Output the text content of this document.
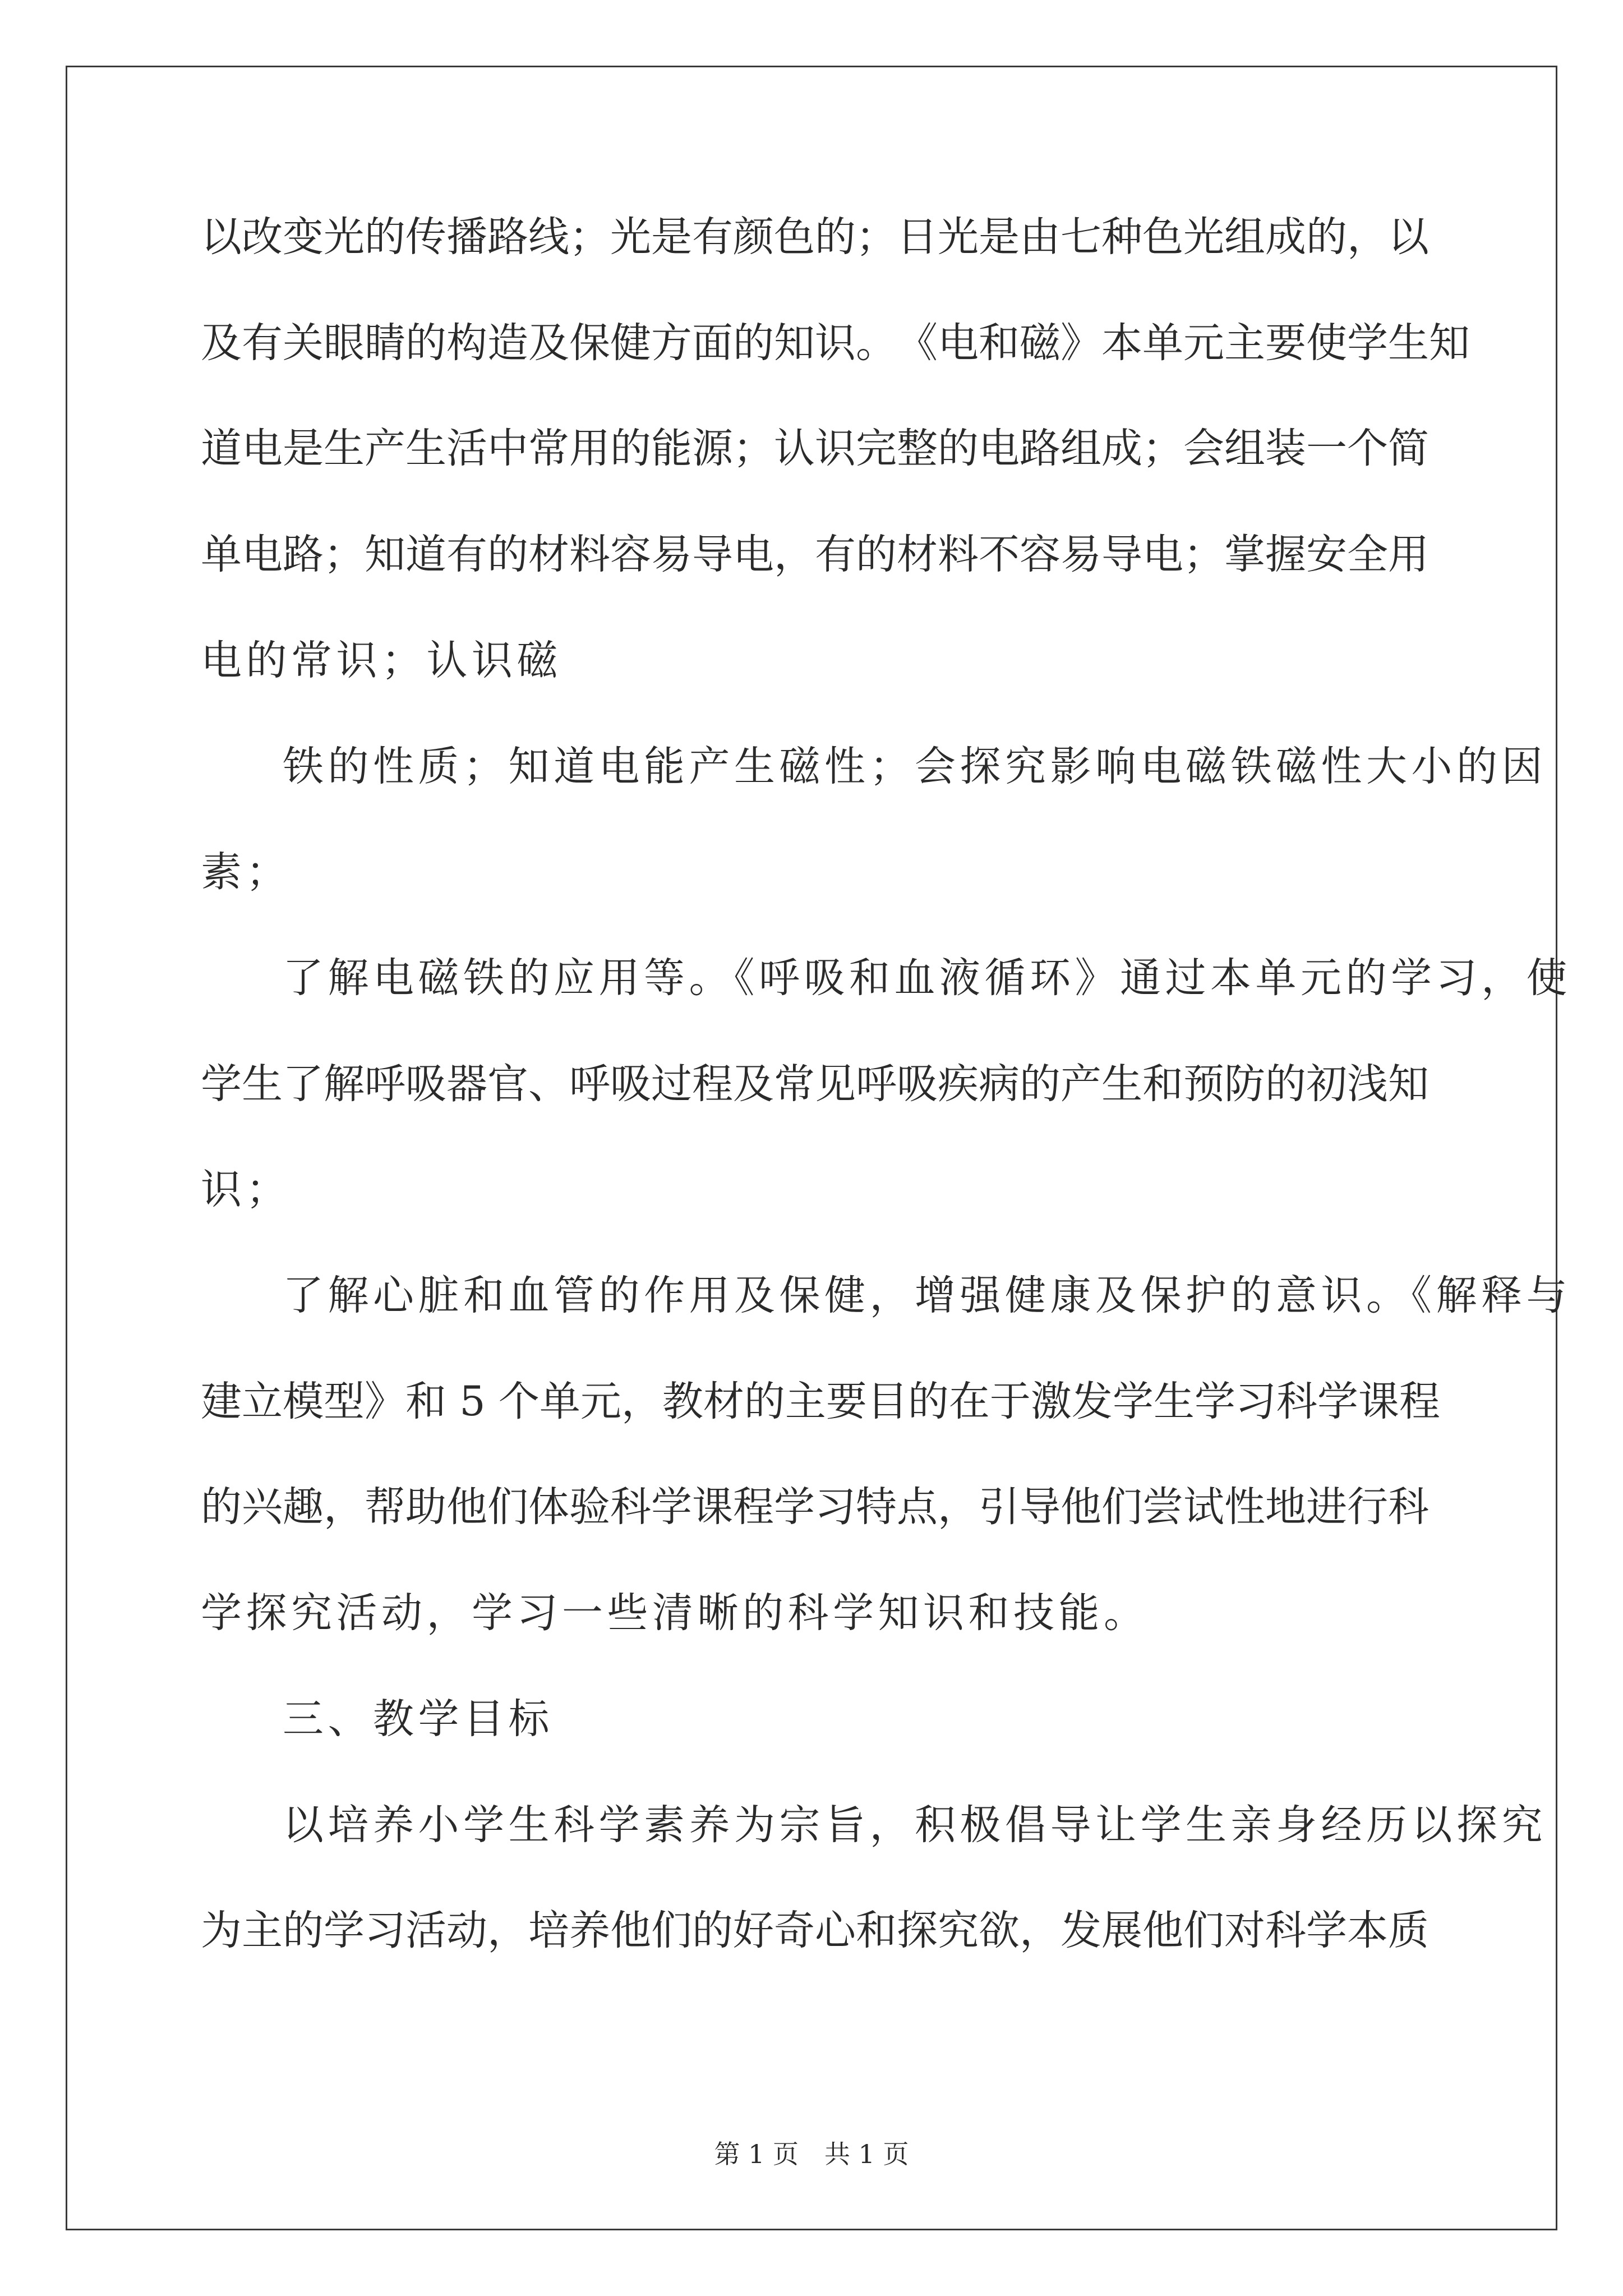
以 改 变 光 的 传 播 路 线 ； 光 是 有 颜 色 的 ； 日 光 是 由 七 种 色 光 组 成 的 ， 以
及 有 关 眼 睛 的 构 造 及 保 健 方 面 的 知 识 。 《 电 和 磁 》 本 单 元 主 要 使 学 生 知
道 电 是 生 产 生 活 中 常 用 的 能 源 ； 认 识 完 整 的 电 路 组 成 ； 会 组 装 一 个 简
单 电 路 ； 知 道 有 的 材 料 容 易 导 电 ， 有 的 材 料 不 容 易 导 电 ； 掌 握 安 全 用
电的常识；认识磁
铁的性质；知道电能产生磁性；会探究影响电磁铁磁性大小的因
素；
了解电磁铁的应用等。《呼吸和血液循环》通过本单元的学习，使
学 生 了 解 呼 吸 器 官 、 呼 吸 过 程 及 常 见 呼 吸 疾 病 的 产 生 和 预 防 的 初 浅 知
识；
了解心脏和血管的作用及保健，增强健康及保护的意识。《解释与
建 立 模 型 》 和
5
个 单 元 ， 教 材 的 主 要 目 的 在 于 激 发 学 生 学 习 科 学 课 程
的 兴 趣 ， 帮 助 他 们 体 验 科 学 课 程 学 习 特 点 ， 引 导 他 们 尝 试 性 地 进 行 科
学探究活动，学习一些清晰的科学知识和技能。
三、教学目标
以培养小学生科学素养为宗旨，积极倡导让学生亲身经历以探究
为 主 的 学 习 活 动 ， 培 养 他 们 的 好 奇 心 和 探 究 欲 ， 发 展 他 们 对 科 学 本 质
第 1 页　共 1 页
